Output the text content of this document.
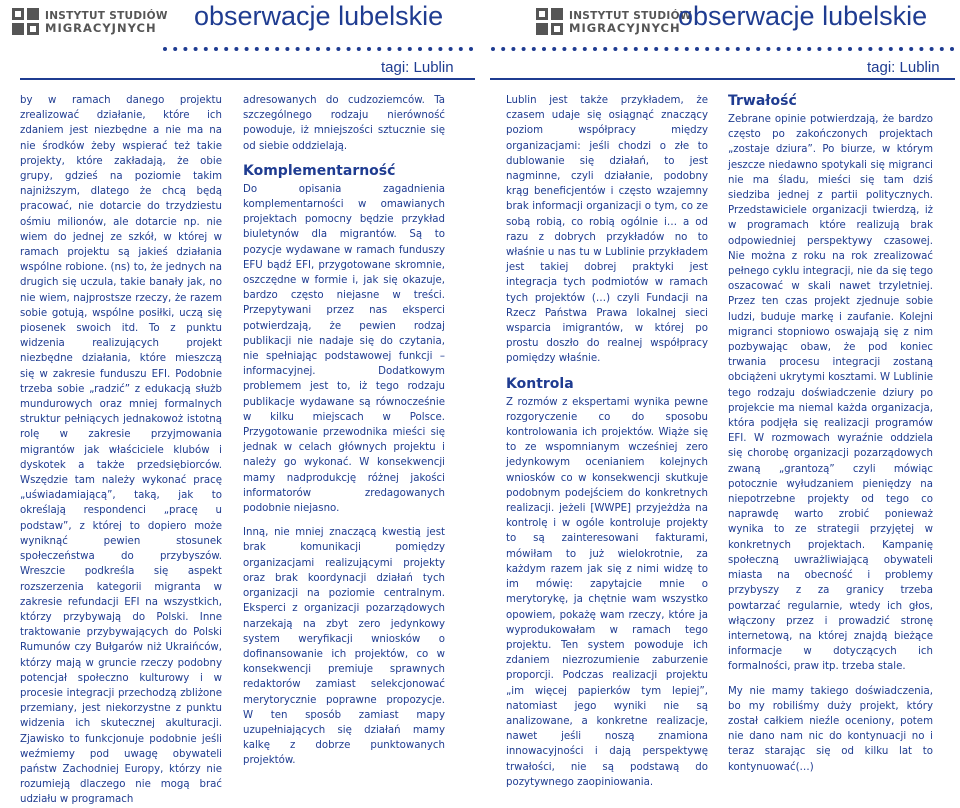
INSTYTUT STUDIÓW
MIGRACYJNYCH	obserwacje lubelskie
tagi: Lublin

by w ramach danego projektu zrealizować działanie, które ich zdaniem jest niezbędne a nie ma na nie środków żeby wspierać też takie projekty, które zakładają, że obie grupy, gdzieś na poziomie takim najniższym, dlatego że chcą będą pracować, nie dotarcie do trzydziestu ośmiu milionów, ale dotarcie np. nie wiem do jednej ze szkół, w której w ramach projektu są jakieś działania wspólne robione. (ns) to, że jednych na drugich się uczula, takie banały jak, no nie wiem, najprostsze rzeczy, że razem sobie gotują, wspólne posiłki, uczą się piosenek swoich itd. To z punktu widzenia realizujących projekt niezbędne działania, które mieszczą się w zakresie funduszu EFI. Podobnie trzeba sobie „radzić” z edukacją służb mundurowych oraz mniej formalnych struktur pełniących jednakowoż istotną rolę w zakresie przyjmowania migrantów jak właściciele klubów i dyskotek a także przedsiębiorców. Wszędzie tam należy wykonać pracę „uświadamiającą”, taką, jak to określają respondenci „pracę u podstaw”, z której to dopiero może wyniknąć pewien stosunek społeczeństwa do przybyszów. Wreszcie podkreśla się aspekt rozszerzenia kategorii migranta w zakresie refundacji EFI na wszystkich, którzy przybywają do Polski. Inne traktowanie przybywających do Polski Rumunów czy Bułgarów niż Ukraińców, którzy mają w gruncie rzeczy podobny potencjał społeczno kulturowy i w procesie integracji przechodzą zbliżone przemiany, jest niekorzystne z punktu widzenia ich skutecznej akulturacji. Zjawisko to funkcjonuje podobnie jeśli weźmiemy pod uwagę obywateli państw Zachodniej Europy, którzy nie rozumieją dlaczego nie mogą brać udziału w programach

adresowanych do cudzoziemców. Ta szczególnego rodzaju nierówność powoduje, iż mniejszości sztucznie się od siebie oddzielają.

Komplementarność

Do opisania zagadnienia komplementarności w omawianych projektach pomocny będzie przykład biuletynów dla migrantów. Są to pozycje wydawane w ramach funduszy EFU bądź EFI, przygotowane skromnie, oszczędne w formie i, jak się okazuje, bardzo często niejasne w treści. Przepytywani przez nas eksperci potwierdzają, że pewien rodzaj publikacji nie nadaje się do czytania, nie spełniając podstawowej funkcji – informacyjnej. Dodatkowym problemem jest to, iż tego rodzaju publikacje wydawane są równocześnie w kilku miejscach w Polsce. Przygotowanie przewodnika mieści się jednak w celach głównych projektu i należy go wykonać. W konsekwencji mamy nadprodukcję różnej jakości informatorów zredagowanych podobnie niejasno.

Inną, nie mniej znaczącą kwestią jest brak komunikacji pomiędzy organizacjami realizującymi projekty oraz brak koordynacji działań tych organizacji na poziomie centralnym. Eksperci z organizacji pozarządowych narzekają na zbyt zero jedynkowy system weryfikacji wniosków o dofinansowanie ich projektów, co w konsekwencji premiuje sprawnych redaktorów zamiast selekcjonować merytorycznie poprawne propozycje. W ten sposób zamiast mapy uzupełniających się działań mamy kalkę z dobrze punktowanych projektów.

INSTYTUT STUDIÓW
MIGRACYJNYCH
obserwacje lubelskie
tagi: Lublin

Lublin jest także przykładem, że czasem udaje się osiągnąć znaczący poziom współpracy między organizacjami: jeśli chodzi o złe to dublowanie się działań, to jest nagminne, czyli działanie, podobny krąg beneficjentów i często wzajemny brak informacji organizacji o tym, co ze sobą robią, co robią ogólnie i… a od razu z dobrych przykładów no to właśnie u nas tu w Lublinie przykładem jest takiej dobrej praktyki jest integracja tych podmiotów w ramach tych projektów (…) czyli Fundacji na Rzecz Państwa Prawa lokalnej sieci wsparcia imigrantów, w której po prostu doszło do realnej współpracy pomiędzy właśnie.

Kontrola

Z rozmów z ekspertami wynika pewne rozgoryczenie co do sposobu kontrolowania ich projektów. Wiąże się to ze wspomnianym wcześniej zero jedynkowym ocenianiem kolejnych wniosków co w konsekwencji skutkuje podobnym podejściem do konkretnych realizacji. jeżeli [WWPE] przyjeżdża na kontrolę i w ogóle kontroluje projekty to są zainteresowani fakturami, mówiłam to już wielokrotnie, za każdym razem jak się z nimi widzę to im mówię: zapytajcie mnie o merytorykę, ja chętnie wam wszystko opowiem, pokażę wam rzeczy, które ja wyprodukowałam w ramach tego projektu. Ten system powoduje ich zdaniem niezrozumienie zaburzenie proporcji. Podczas realizacji projektu „im więcej papierków tym lepiej”, natomiast jego wyniki nie są analizowane, a konkretne realizacje, nawet jeśli noszą znamiona innowacyjności i dają perspektywę trwałości, nie są podstawą do pozytywnego zaopiniowania.

Trwałość

Zebrane opinie potwierdzają, że bardzo często po zakończonych projektach „zostaje dziura”. Po biurze, w którym jeszcze niedawno spotykali się migranci nie ma śladu, mieści się tam dziś siedziba jednej z partii politycznych. Przedstawiciele organizacji twierdzą, iż w programach które realizują brak odpowiedniej perspektywy czasowej. Nie można z roku na rok zrealizować pełnego cyklu integracji, nie da się tego oszacować w skali nawet trzyletniej. Przez ten czas projekt zjednuje sobie ludzi, buduje markę i zaufanie. Kolejni migranci stopniowo oswajają się z nim pozbywając obaw, że pod koniec trwania procesu integracji zostaną obciążeni ukrytymi kosztami. W Lublinie tego rodzaju doświadczenie dziury po projekcie ma niemal każda organizacja, która podjęła się realizacji programów EFI. W rozmowach wyraźnie oddziela się chorobę organizacji pozarządowych zwaną „grantozą” czyli mówiąc potocznie wyłudzaniem pieniędzy na niepotrzebne projekty od tego co naprawdę warto zrobić ponieważ wynika to ze strategii przyjętej w konkretnych projektach. Kampanię społeczną uwrażliwiającą obywateli miasta na obecność i problemy przybyszy z za granicy trzeba powtarzać regularnie, wtedy ich głos, włączony przez i prowadzić stronę internetową, na której znajdą bieżące informacje w dotyczących ich formalności, praw itp. trzeba stale.

My nie mamy takiego doświadczenia, bo my robiliśmy duży projekt, który został całkiem nieźle oceniony, potem nie dano nam nic do kontynuacji no i teraz starając się od kilku lat to kontynuować(…)
